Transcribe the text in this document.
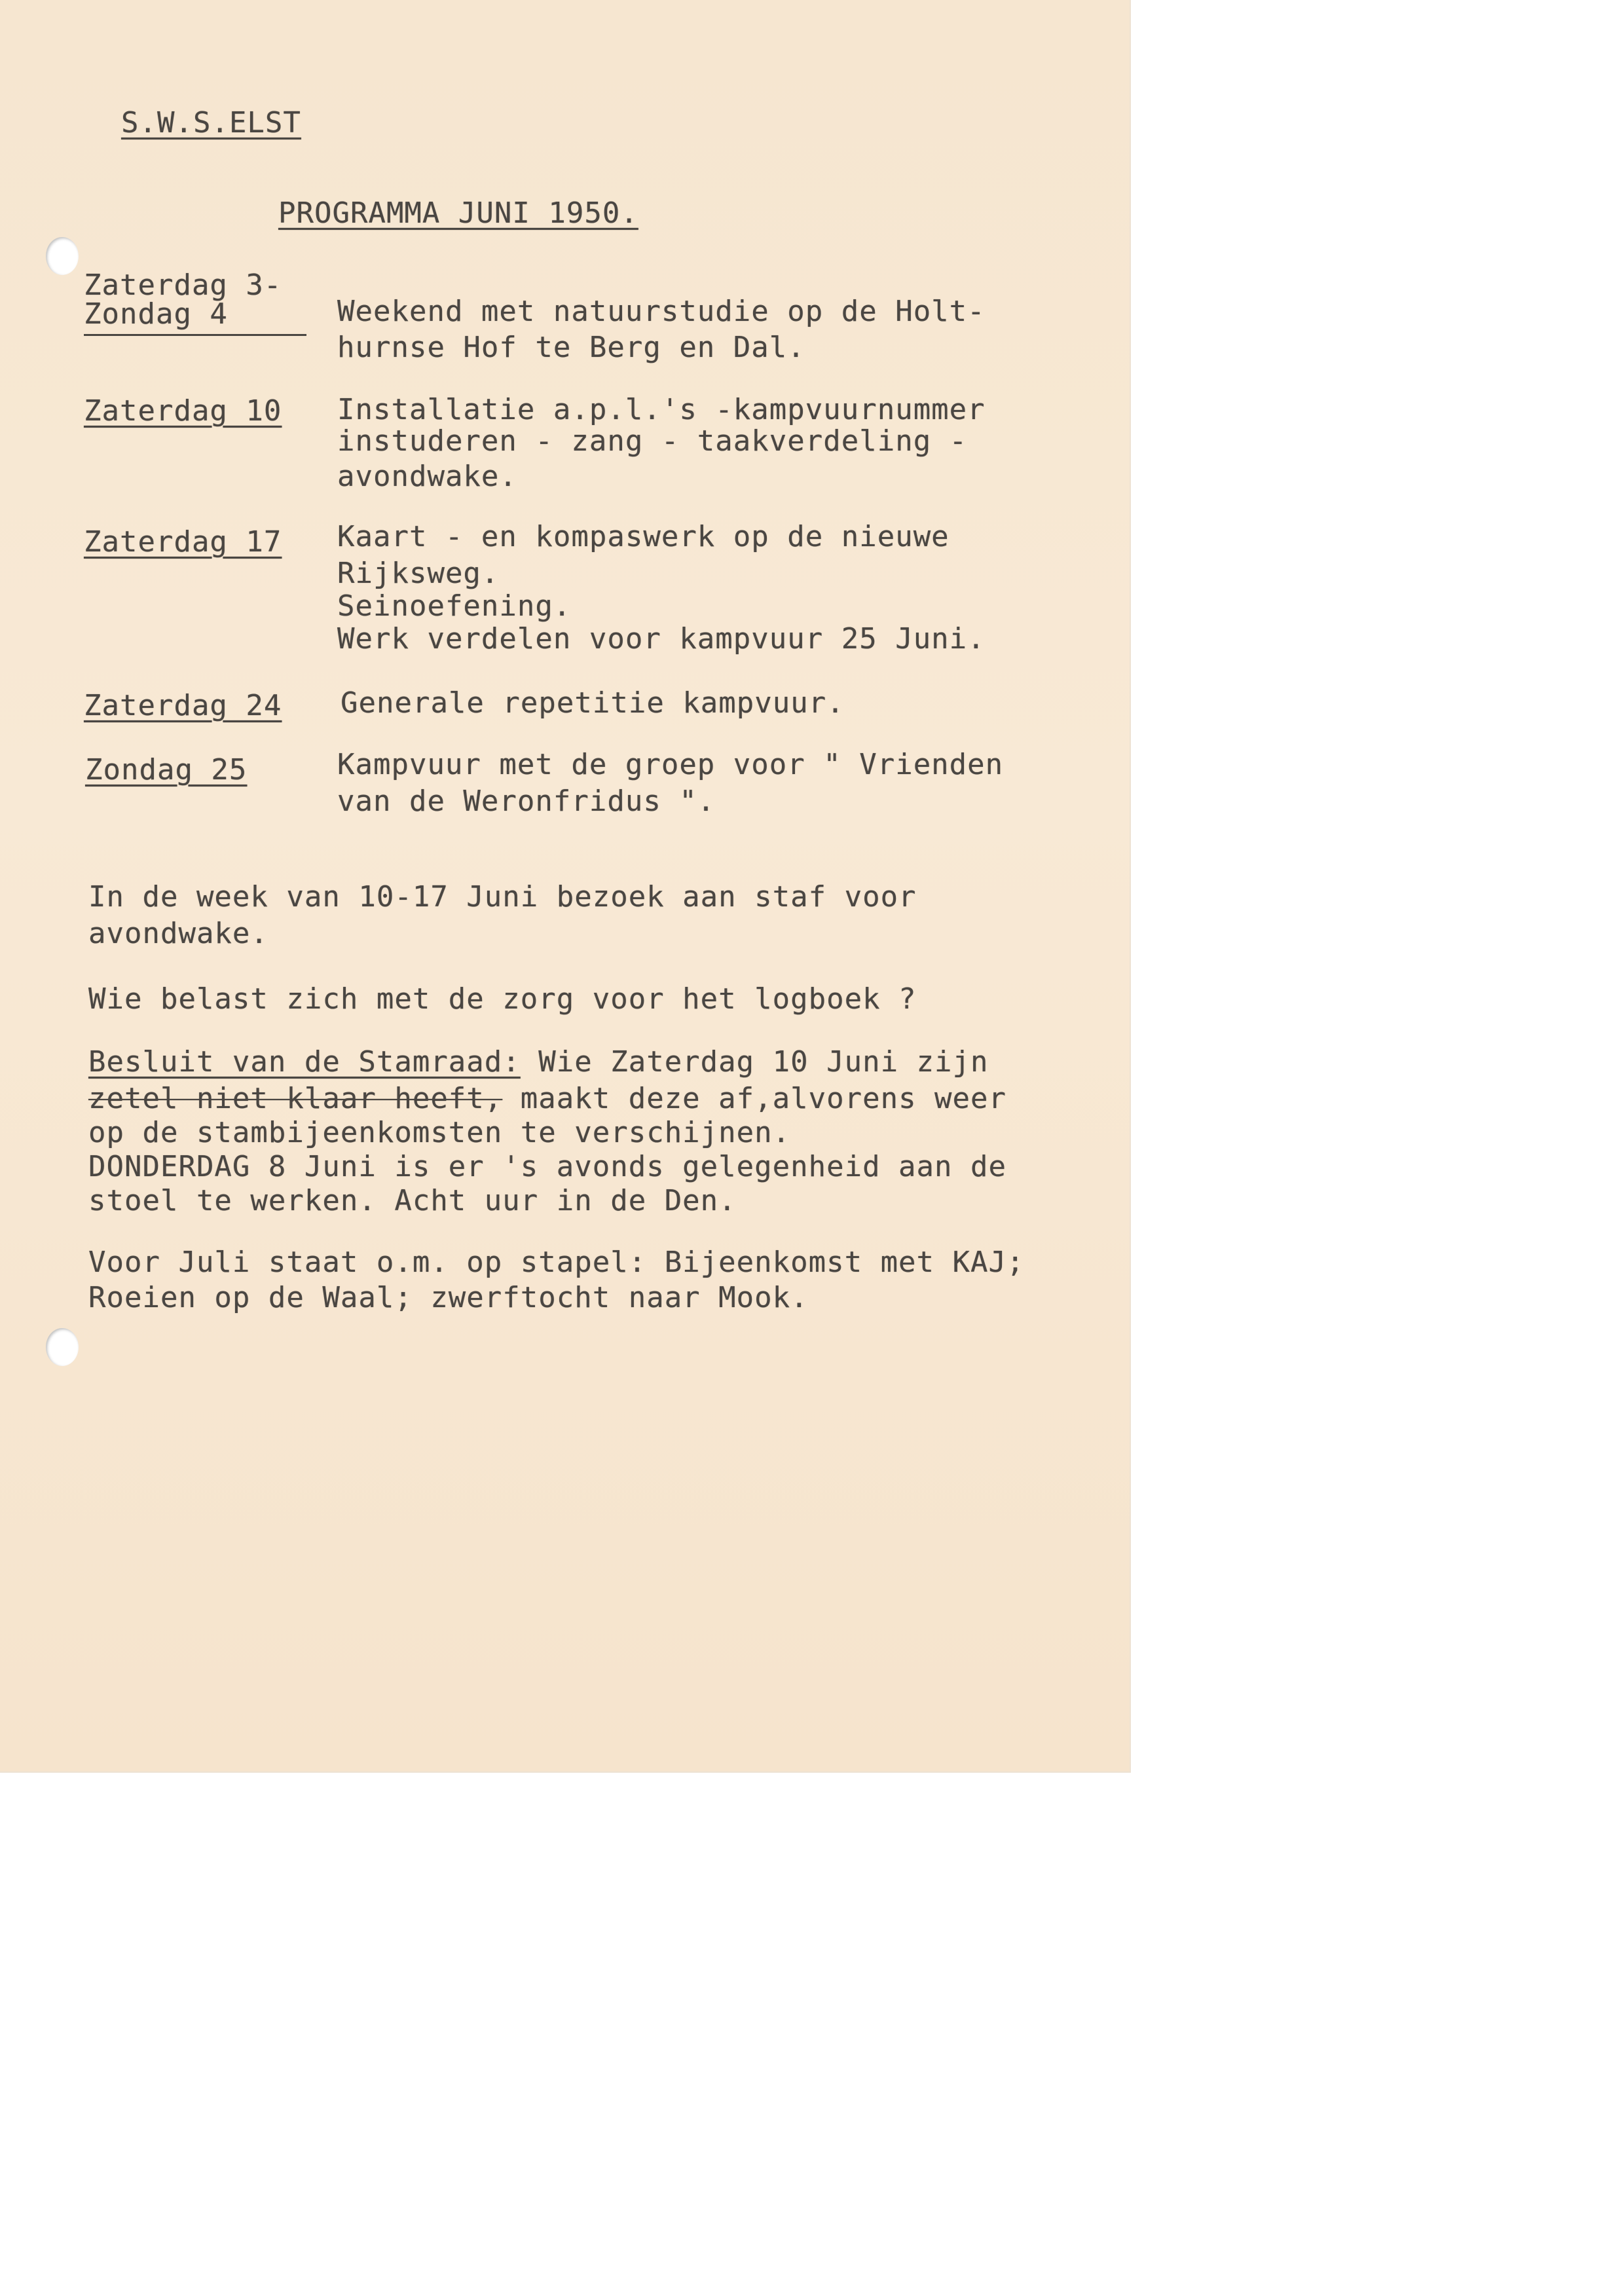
S.W.S.ELST
PROGRAMMA JUNI 1950.
Zaterdag 3-
Zondag 4	Weekend met natuurstudie op de Holt-
hurnse Hof te Berg en Dal.
Zaterdag 10 Installatie a.p.l.'s -kampvuurnummer
instuderen - zang - taakverdeling -
avondwake.
Zaterdag 17 Kaart - en kompaswerk op de nieuwe
Rijksweg.
Seinoefening.
Werk verdelen voor kampvuur 25 Juni.
Zaterdag 24 Generale repetitie kampvuur.
Zondag 25	Kampvuur met de groep voor " Vrienden
van de Weronfridus ".
In de week van 10-17 Juni bezoek aan staf voor
avondwake.
Wie belast zich met de zorg voor het logboek ?
Besluit van de Stamraad: Wie Zaterdag 10 Juni zijn
zetel niet klaar heeft, maakt deze af,alvorens weer
op de stambijeenkomsten te verschijnen.
DONDERDAG 8 Juni is er 's avonds gelegenheid aan de
stoel te werken. Acht uur in de Den.
Voor Juli staat o.m. op stapel: Bijeenkomst met KAJ;
Roeien op de Waal; zwerftocht naar Mook.
